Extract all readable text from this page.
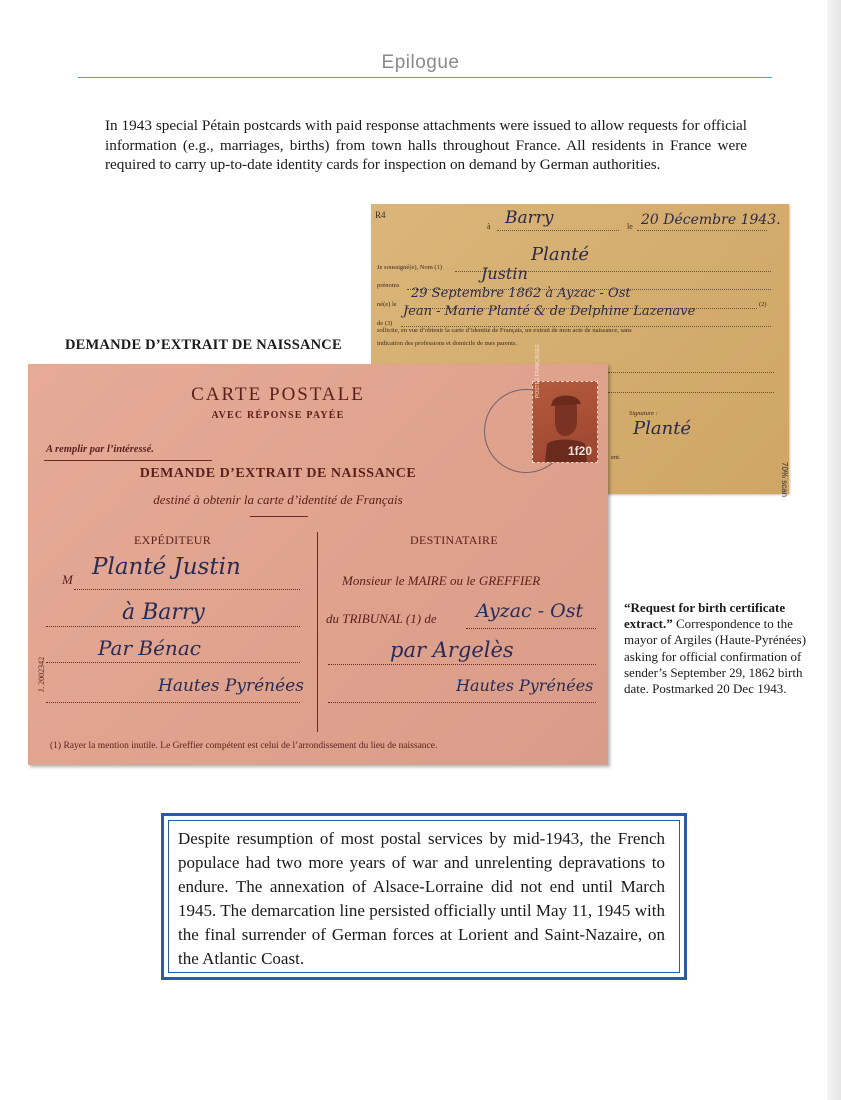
Epilogue
In 1943 special Pétain postcards with paid response attachments were issued to allow requests for official information (e.g., marriages, births) from town halls throughout France. All residents in France were required to carry up-to-date identity cards for inspection on demand by German authorities.
DEMANDE D’EXTRAIT DE NAISSANCE
R4
à Barry	le 20 Décembre 1943.
Je soussigné(e), Nom (1)
Planté
prénoms
Justin
né(e) le
29 Septembre 1862 à Ayzac - Ost
(2)
de (3)
Jean - Marie Planté & de Delphine Lazenave
sollicite, en vue d’obtenir la carte d’identité de Français, un extrait de mon acte de naissance, sans
indication des professions et domicile de mes parents.
Signature :
Planté
ent.
70% scan
CARTE POSTALE
AVEC RÉPONSE PAYÉE
A remplir par l’intéressé.
DEMANDE D’EXTRAIT DE NAISSANCE
destiné à obtenir la carte d’identité de Français
EXPÉDITEUR	DESTINATAIRE
M Planté Justin
à Barry
Par Bénac
Hautes Pyrénées
Monsieur le MAIRE ou le GREFFIER
du TRIBUNAL (1) de Ayzac - Ost
par Argelès
Hautes Pyrénées
J. 2002342
(1) Rayer la mention inutile. Le Greffier compétent est celui de l’arrondissement du lieu de naissance.
POSTES FRANÇAISES
1f20
“Request for birth certificate extract.” Correspondence to the mayor of Argiles (Haute-Pyrénées) asking for official confirmation of sender’s September 29, 1862 birth date. Postmarked 20 Dec 1943.
Despite resumption of most postal services by mid-1943, the French populace had two more years of war and unrelenting depravations to endure. The annexation of Alsace-Lorraine did not end until March 1945. The demarcation line persisted officially until May 11, 1945 with the final surrender of German forces at Lorient and Saint-Nazaire, on the Atlantic Coast.
